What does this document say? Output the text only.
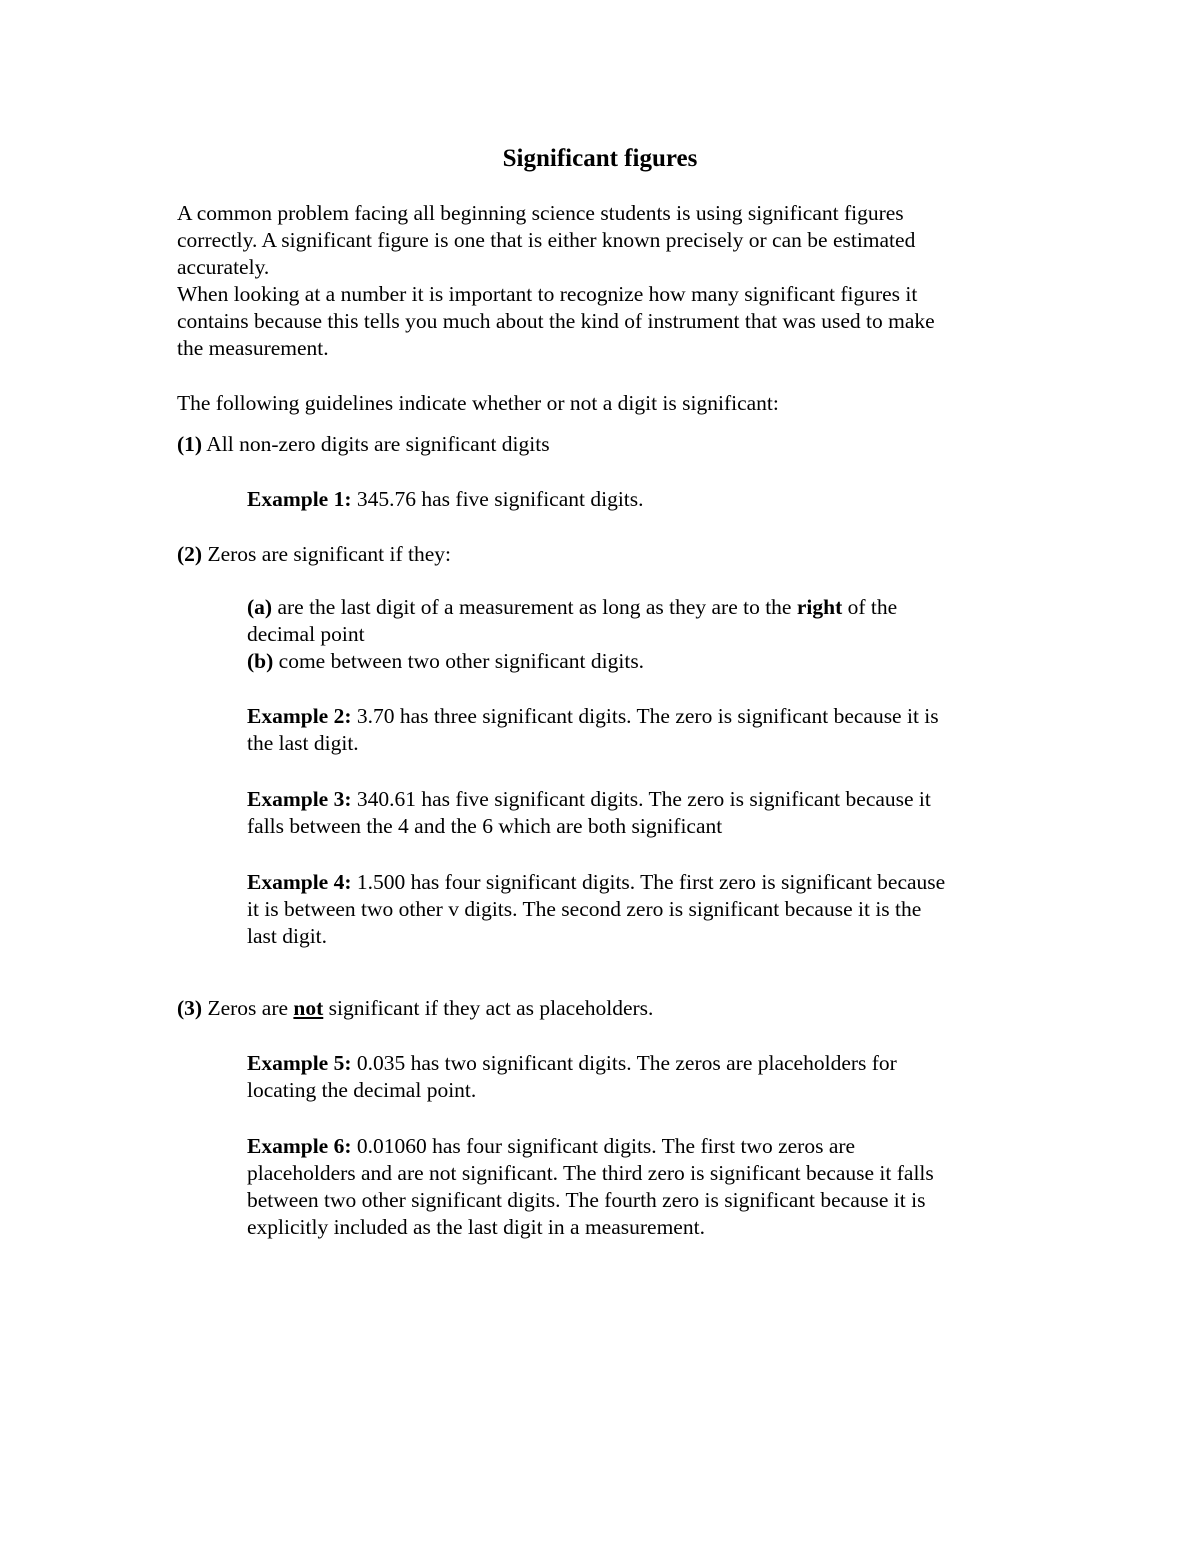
Significant figures

A common problem facing all beginning science students is using significant figures
correctly. A significant figure is one that is either known precisely or can be estimated
accurately.
When looking at a number it is important to recognize how many significant figures it
contains because this tells you much about the kind of instrument that was used to make
the measurement.

The following guidelines indicate whether or not a digit is significant:

(1) All non-zero digits are significant digits

Example 1: 345.76 has five significant digits.

(2) Zeros are significant if they:

(a) are the last digit of a measurement as long as they are to the right of the
decimal point
(b) come between two other significant digits.

Example 2: 3.70 has three significant digits. The zero is significant because it is
the last digit.

Example 3: 340.61 has five significant digits. The zero is significant because it
falls between the 4 and the 6 which are both significant

Example 4: 1.500 has four significant digits. The first zero is significant because
it is between two other v digits. The second zero is significant because it is the
last digit.

(3) Zeros are not significant if they act as placeholders.

Example 5: 0.035 has two significant digits. The zeros are placeholders for
locating the decimal point.

Example 6: 0.01060 has four significant digits. The first two zeros are
placeholders and are not significant. The third zero is significant because it falls
between two other significant digits. The fourth zero is significant because it is
explicitly included as the last digit in a measurement.
